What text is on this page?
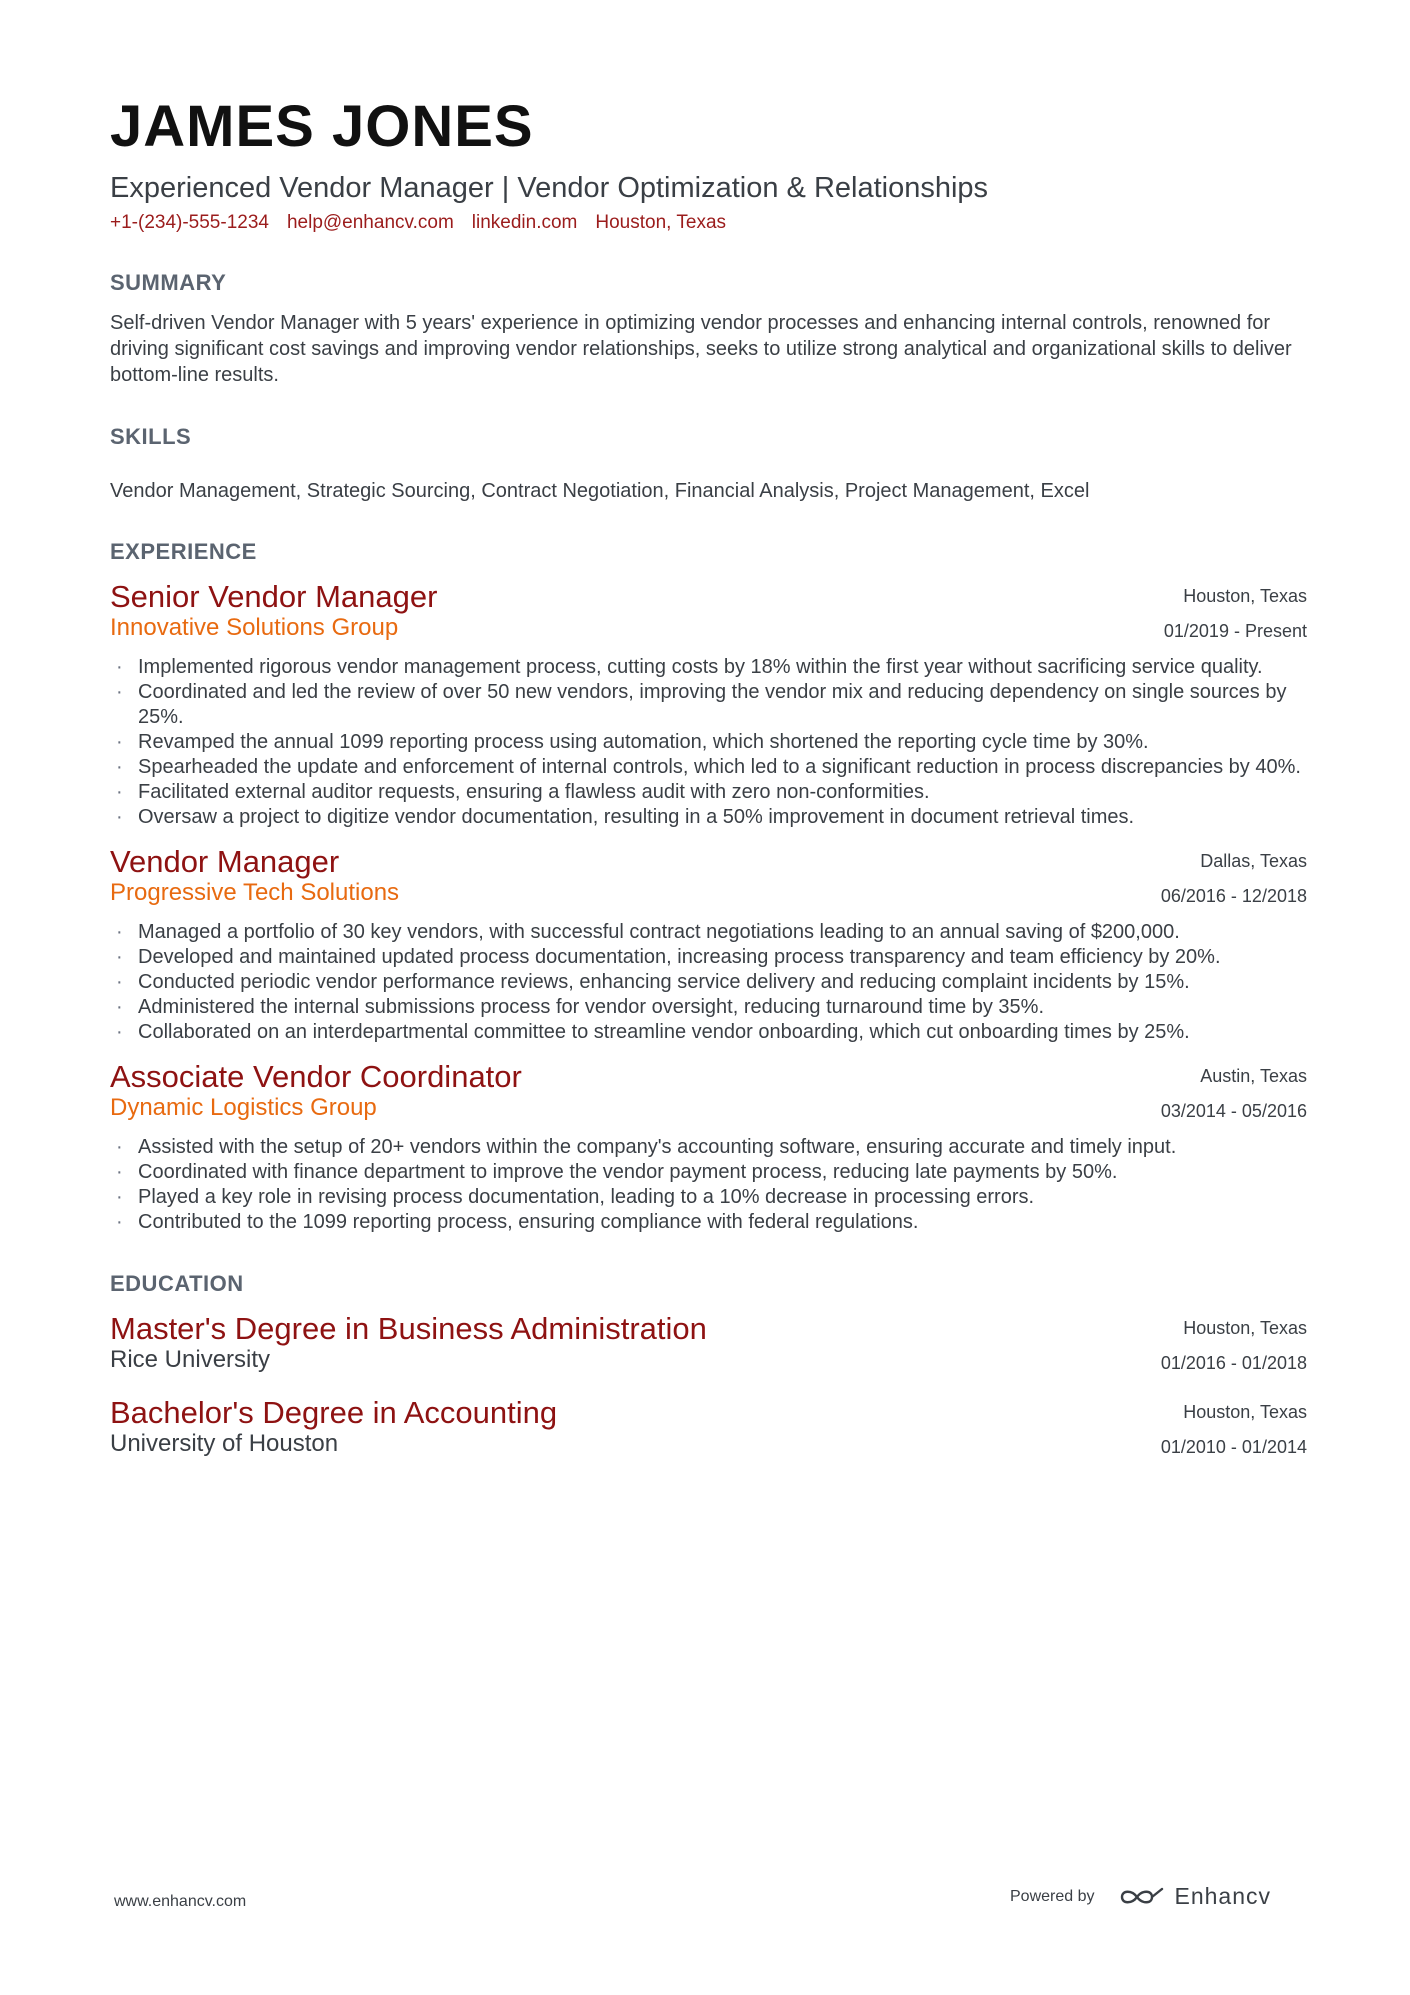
JAMES JONES
Experienced Vendor Manager | Vendor Optimization & Relationships
+1-(234)-555-1234 help@enhancv.com linkedin.com Houston, Texas
SUMMARY

Self-driven Vendor Manager with 5 years' experience in optimizing vendor processes and enhancing internal controls, renowned for driving significant cost savings and improving vendor relationships, seeks to utilize strong analytical and organizational skills to deliver bottom-line results.

SKILLS
Vendor Management, Strategic Sourcing, Contract Negotiation, Financial Analysis, Project Management, Excel
EXPERIENCE
Senior Vendor Manager
Innovative Solutions Group
Houston, Texas
01/2019 - Present
· Implemented rigorous vendor management process, cutting costs by 18% within the first year without sacrificing service quality.
· Coordinated and led the review of over 50 new vendors, improving the vendor mix and reducing dependency on single sources by 25%.
· Revamped the annual 1099 reporting process using automation, which shortened the reporting cycle time by 30%.
· Spearheaded the update and enforcement of internal controls, which led to a significant reduction in process discrepancies by 40%.
· Facilitated external auditor requests, ensuring a flawless audit with zero non-conformities.
· Oversaw a project to digitize vendor documentation, resulting in a 50% improvement in document retrieval times.
Vendor Manager
Progressive Tech Solutions
Dallas, Texas
06/2016 - 12/2018
· Managed a portfolio of 30 key vendors, with successful contract negotiations leading to an annual saving of $200,000.
· Developed and maintained updated process documentation, increasing process transparency and team efficiency by 20%.
· Conducted periodic vendor performance reviews, enhancing service delivery and reducing complaint incidents by 15%.
· Administered the internal submissions process for vendor oversight, reducing turnaround time by 35%.
· Collaborated on an interdepartmental committee to streamline vendor onboarding, which cut onboarding times by 25%.
Associate Vendor Coordinator
Dynamic Logistics Group
Austin, Texas
03/2014 - 05/2016
· Assisted with the setup of 20+ vendors within the company's accounting software, ensuring accurate and timely input.
· Coordinated with finance department to improve the vendor payment process, reducing late payments by 50%.
· Played a key role in revising process documentation, leading to a 10% decrease in processing errors.
· Contributed to the 1099 reporting process, ensuring compliance with federal regulations.
EDUCATION
Master's Degree in Business Administration
Rice University
Houston, Texas
01/2016 - 01/2018
Bachelor's Degree in Accounting
University of Houston
Houston, Texas
01/2010 - 01/2014
www.enhancv.com	Powered by	Enhancv
